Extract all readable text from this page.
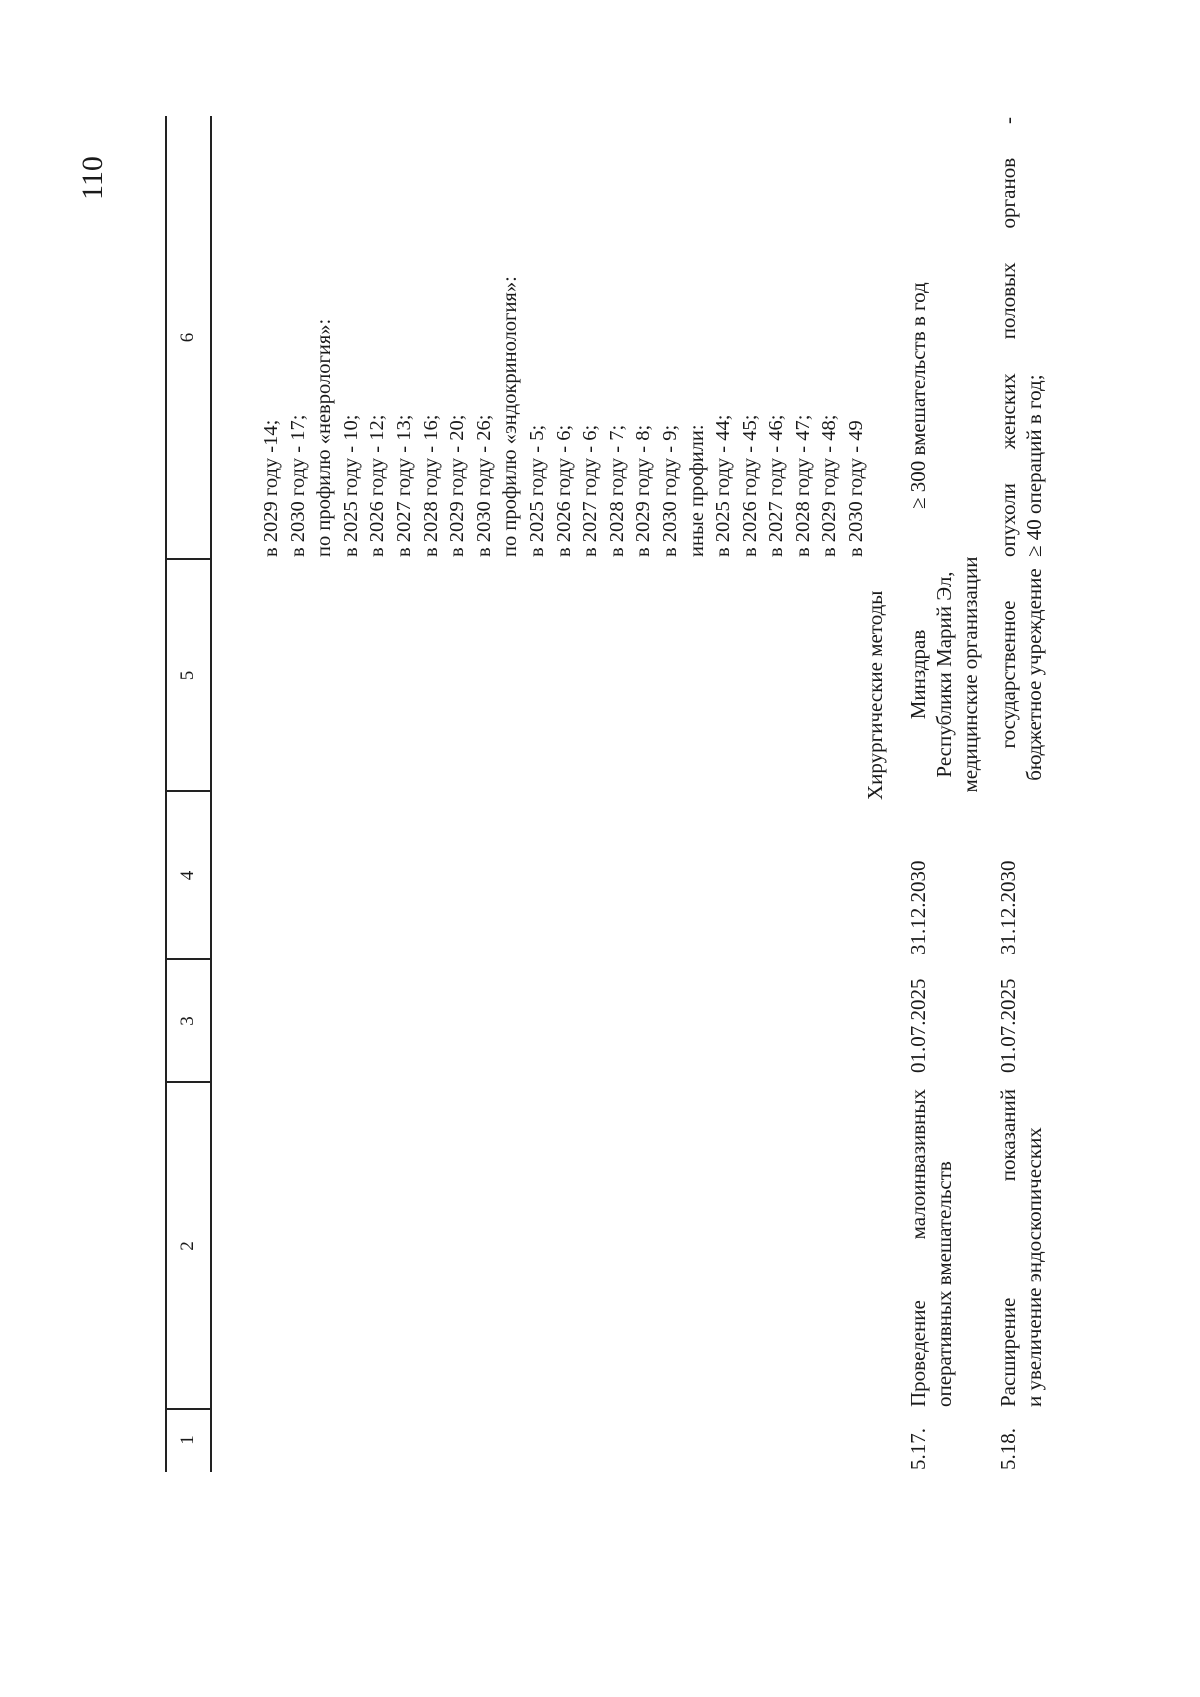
110
1
2
3
4
5
6
в 2029 году -14; в 2030 году - 17; по профилю «неврология»: в 2025 году - 10; в 2026 году - 12; в 2027 году - 13; в 2028 году - 16; в 2029 году - 20; в 2030 году - 26; по профилю «эндокринология»: в 2025 году - 5; в 2026 году - 6; в 2027 году - 6; в 2028 году - 7; в 2029 году - 8; в 2030 году - 9; иные профили: в 2025 году - 44; в 2026 году - 45; в 2027 году - 46; в 2028 году - 47; в 2029 году - 48; в 2030 году - 49
Хирургические методы
5.17.
Проведение малоинвазивных оперативных вмешательств
01.07.2025
31.12.2030
Минздрав Республики Марий Эл, медицинские организации
≥ 300 вмешательств в год
5.18.
Расширение показаний и увеличение эндоскопических
01.07.2025
31.12.2030
государственное бюджетное учреждение
опухоли женских половых органов - ≥ 40 операций в год;
